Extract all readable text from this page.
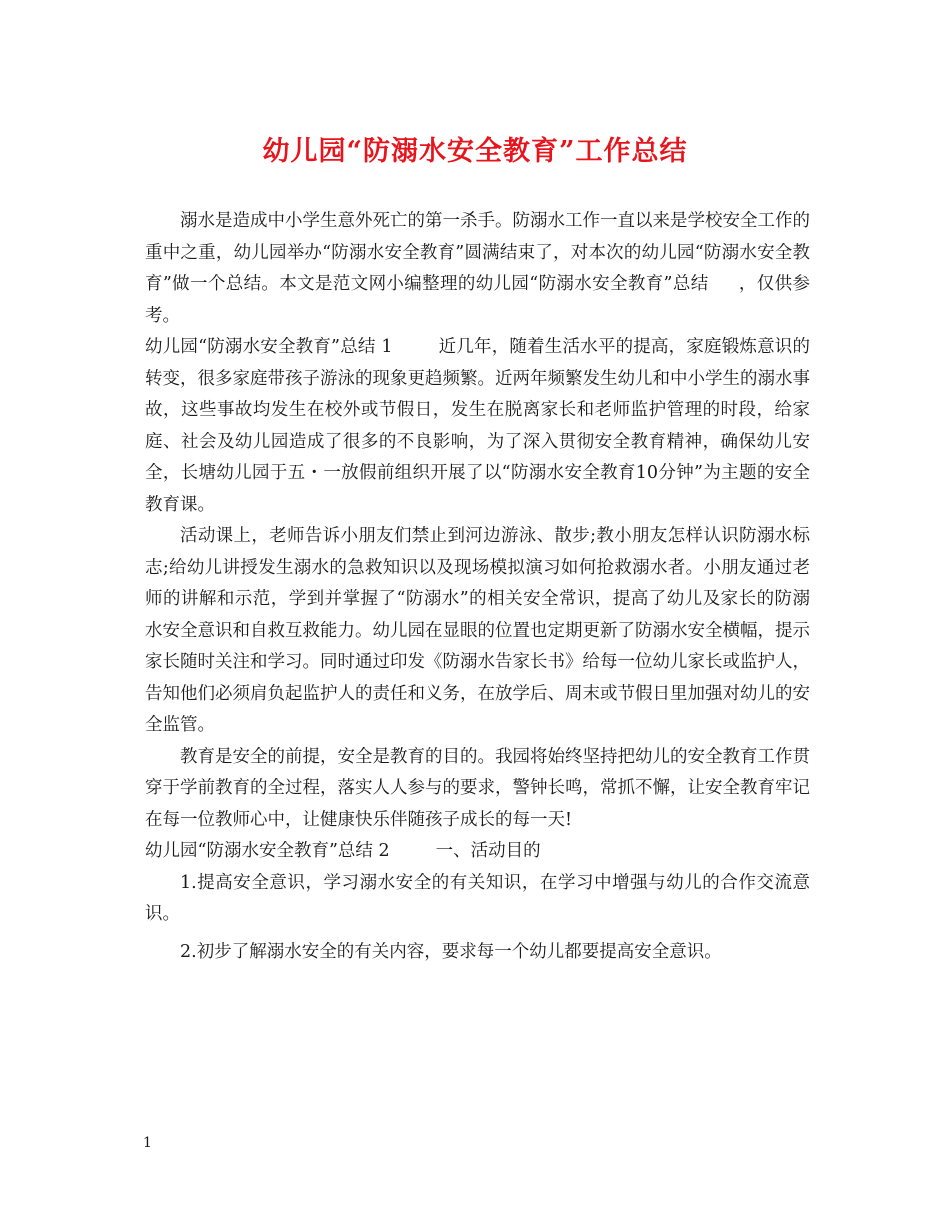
幼儿园“防溺水安全教育”工作总结

溺水是造成中小学生意外死亡的第一杀手。防溺水工作一直以来是学校安全工作的重中之重，幼儿园举办“防溺水安全教育”圆满结束了，对本次的幼儿园“防溺水安全教育”做一个总结。本文是范文网小编整理的幼儿园“防溺水安全教育”总结 ，仅供参考。

幼儿园“防溺水安全教育”总结 1	近几年，随着生活水平的提高，家庭锻炼意识的转变，很多家庭带孩子游泳的现象更趋频繁。近两年频繁发生幼儿和中小学生的溺水事故，这些事故均发生在校外或节假日，发生在脱离家长和老师监护管理的时段，给家庭、社会及幼儿园造成了很多的不良影响，为了深入贯彻安全教育精神，确保幼儿安全，长塘幼儿园于五・一放假前组织开展了以“防溺水安全教育10分钟”为主题的安全教育课。

活动课上，老师告诉小朋友们禁止到河边游泳、散步;教小朋友怎样认识防溺水标志;给幼儿讲授发生溺水的急救知识以及现场模拟演习如何抢救溺水者。小朋友通过老师的讲解和示范，学到并掌握了“防溺水”的相关安全常识，提高了幼儿及家长的防溺水安全意识和自救互救能力。幼儿园在显眼的位置也定期更新了防溺水安全横幅，提示家长随时关注和学习。同时通过印发《防溺水告家长书》给每一位幼儿家长或监护人，告知他们必须肩负起监护人的责任和义务，在放学后、周末或节假日里加强对幼儿的安全监管。

教育是安全的前提，安全是教育的目的。我园将始终坚持把幼儿的安全教育工作贯穿于学前教育的全过程，落实人人参与的要求，警钟长鸣，常抓不懈，让安全教育牢记在每一位教师心中，让健康快乐伴随孩子成长的每一天!

幼儿园“防溺水安全教育”总结 2	一、活动目的

1.提高安全意识，学习溺水安全的有关知识，在学习中增强与幼儿的合作交流意识。

2.初步了解溺水安全的有关内容，要求每一个幼儿都要提高安全意识。

1
